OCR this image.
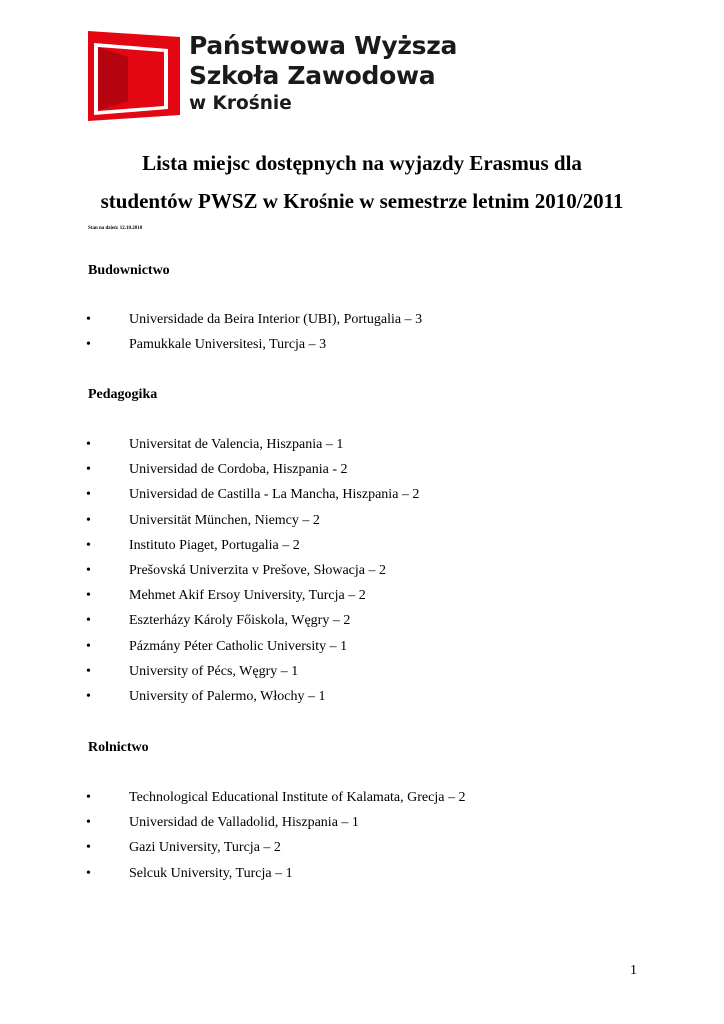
Państwowa Wyższa
Szkoła Zawodowa
w Krośnie
Lista miejsc dostępnych na wyjazdy Erasmus dla
studentów PWSZ w Krośnie w semestrze letnim 2010/2011
Stan na dzień: 12.10.2010
Budownictwo
•	Universidade da Beira Interior (UBI), Portugalia – 3
•	Pamukkale Universitesi, Turcja – 3
Pedagogika
•	Universitat de Valencia, Hiszpania – 1
•	Universidad de Cordoba, Hiszpania - 2
•	Universidad de Castilla - La Mancha, Hiszpania – 2
•	Universität München, Niemcy – 2
•	Instituto Piaget, Portugalia – 2
•	Prešovská Univerzita v Prešove, Słowacja – 2
•	Mehmet Akif Ersoy University, Turcja – 2
•	Eszterházy Károly Főiskola, Węgry – 2
•	Pázmány Péter Catholic University – 1
•	University of Pécs, Węgry – 1
•	University of Palermo, Włochy – 1
Rolnictwo
•	Technological Educational Institute of Kalamata, Grecja – 2
•	Universidad de Valladolid, Hiszpania – 1
•	Gazi University, Turcja – 2
•	Selcuk University, Turcja – 1
1
